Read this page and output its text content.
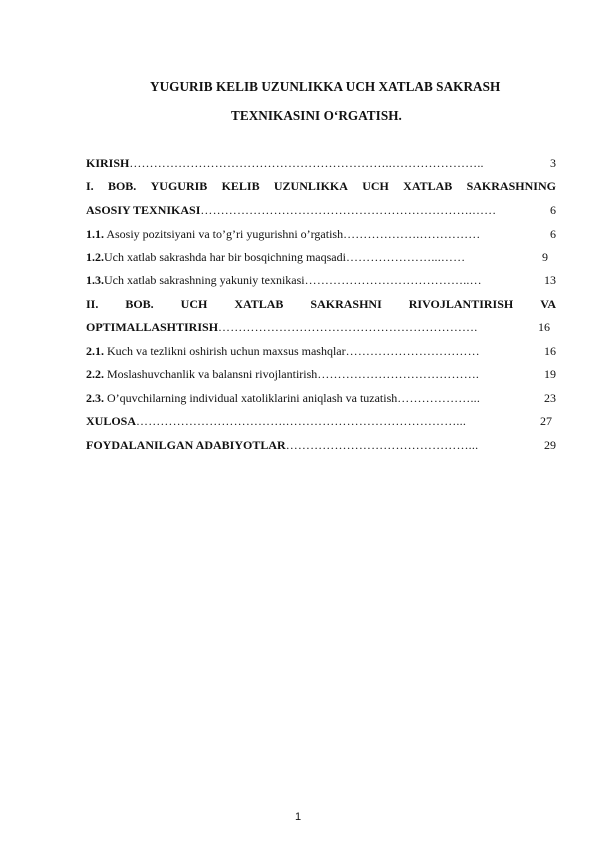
YUGURIB KELIB UZUNLIKKA UCH XATLAB SAKRASH
TEXNIKASINI O‘RGATISH.
KIRISH ………………………………………………………..…………………..	3
I. BOB. YUGURIB KELIB UZUNLIKKA UCH XATLAB SAKRASHNING
ASOSIY TEXNIKASI ………………………………………………………….……	6
1.1. Asosiy pozitsiyani va to’g’ri yugurishni o’rgatish ……………….……………	6
1.2.Uch xatlab sakrashda har bir bosqichning maqsadi …………………...……	9
1.3.Uch xatlab sakrashning yakuniy texnikasi …………………………………..…	13
II. BOB. UCH XATLAB SAKRASHNI RIVOJLANTIRISH VA
OPTIMALLASHTIRISH ……………………………………………………….	16
2.1. Kuch va tezlikni oshirish uchun maxsus mashqlar ……………………………	16
2.2. Moslashuvchanlik va balansni rivojlantirish ………………………………….	19
2.3. O’quvchilarning individual xatoliklarini aniqlash va tuzatish ………………...	23
XULOSA ……………………………….……………………………………...	27
FOYDALANILGAN ADABIYOTLAR ………………………………………...	29
1
